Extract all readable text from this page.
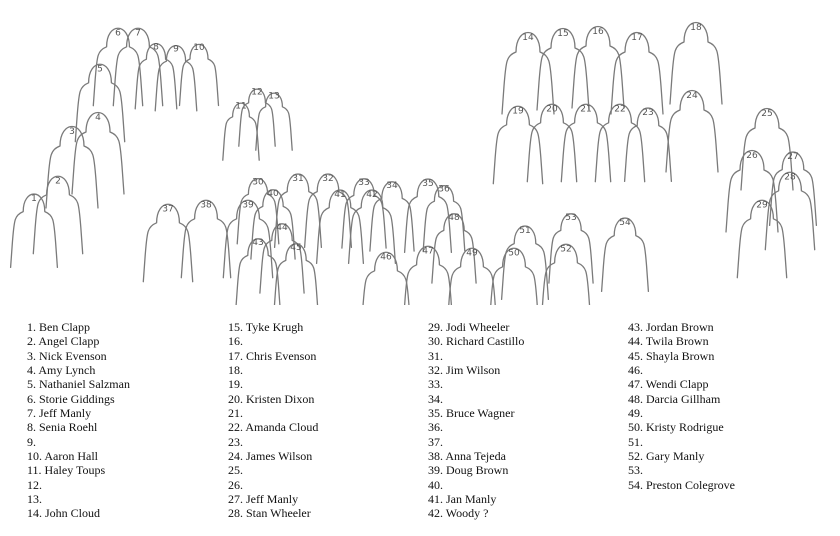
1
2
3
4
5
6 7
8 9 10
11
12 13
14	15	16
17
18
19	20	21	22 23
24
25
26	27
28
29
30	31 32	33 34	35
36
37	38	39
40	41 42
43
44
45
46
47
48
49	50
51
52
53	54
1. Ben Clapp
2. Angel Clapp
3. Nick Evenson
4. Amy Lynch
5. Nathaniel Salzman
6. Storie Giddings
7. Jeff Manly
8. Senia Roehl
9.
10. Aaron Hall
11. Haley Toups
12.
13.
14. John Cloud
15. Tyke Krugh
16.
17. Chris Evenson
18.
19.
20. Kristen Dixon
21.
22. Amanda Cloud
23.
24. James Wilson
25.
26.
27. Jeff Manly
28. Stan Wheeler
29. Jodi Wheeler
30. Richard Castillo
31.
32. Jim Wilson
33.
34.
35. Bruce Wagner
36.
37.
38. Anna Tejeda
39. Doug Brown
40.
41. Jan Manly
42. Woody ?
43. Jordan Brown
44. Twila Brown
45. Shayla Brown
46.
47. Wendi Clapp
48. Darcia Gillham
49.
50. Kristy Rodrigue
51.
52. Gary Manly
53.
54. Preston Colegrove
